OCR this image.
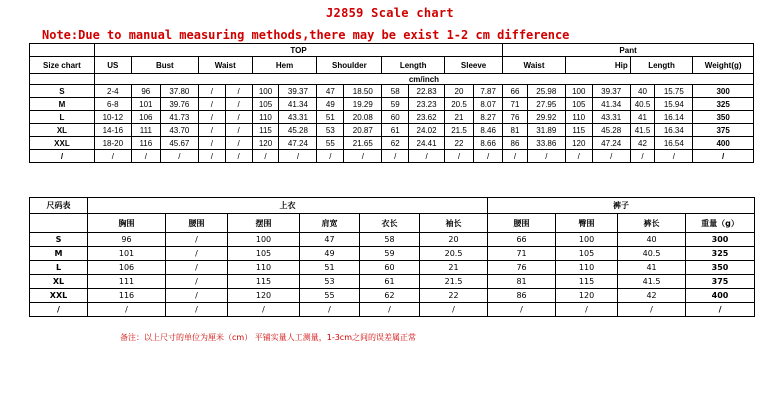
J2859 Scale chart
Note:Due to manual measuring methods,there may be exist 1-2 cm difference
	TOP													Pant						
Size chart	US	Bust		Waist		Hem		Shoulder		Length		Sleeve		Waist		Hip		Length		Weight(g)
	cm/inch																			
S	2-4	96	37.80	/	/	100	39.37	47	18.50	58	22.83	20	7.87	66	25.98	100	39.37	40	15.75	300
M	6-8	101	39.76	/	/	105	41.34	49	19.29	59	23.23	20.5	8.07	71	27.95	105	41.34	40.5	15.94	325
L	10-12	106	41.73	/	/	110	43.31	51	20.08	60	23.62	21	8.27	76	29.92	110	43.31	41	16.14	350
XL	14-16	111	43.70	/	/	115	45.28	53	20.87	61	24.02	21.5	8.46	81	31.89	115	45.28	41.5	16.34	375
XXL	18-20	116	45.67	/	/	120	47.24	55	21.65	62	24.41	22	8.66	86	33.86	120	47.24	42	16.54	400
/	/	/	/	/	/	/	/	/	/	/	/	/	/	/	/	/	/	/	/	/
尺码表	上衣						裤子			
	胸围	腰围	摆围	肩宽	衣长	袖长	腰围	臀围	裤长	重量（g）
S	96	/	100	47	58	20	66	100	40	300
M	101	/	105	49	59	20.5	71	105	40.5	325
L	106	/	110	51	60	21	76	110	41	350
XL	111	/	115	53	61	21.5	81	115	41.5	375
XXL	116	/	120	55	62	22	86	120	42	400
/	/	/	/	/	/	/	/	/	/	/
备注：以上尺寸的单位为厘米（cm） 平铺实量人工测量，1-3cm之间的误差属正常
